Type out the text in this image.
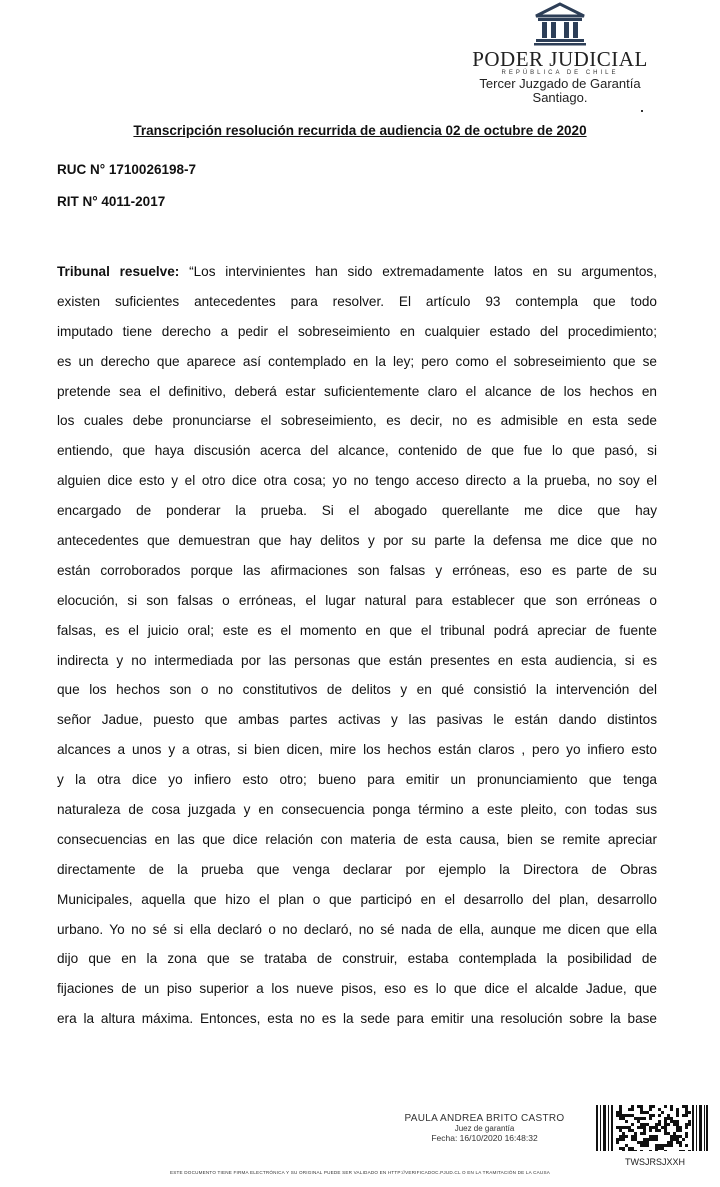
PODER JUDICIAL
REPÚBLICA DE CHILE
Tercer Juzgado de Garantía
Santiago.
Transcripción resolución recurrida de audiencia 02 de octubre de 2020
RUC N° 1710026198-7
RIT N° 4011-2017
Tribunal resuelve: “Los intervinientes han sido extremadamente latos en su argumentos,
existen suficientes antecedentes para resolver. El artículo 93 contempla que todo
imputado tiene derecho a pedir el sobreseimiento en cualquier estado del procedimiento;
es un derecho que aparece así contemplado en la ley; pero como el sobreseimiento que se
pretende sea el definitivo, deberá estar suficientemente claro el alcance de los hechos en
los cuales debe pronunciarse el sobreseimiento, es decir, no es admisible en esta sede
entiendo, que haya discusión acerca del alcance, contenido de que fue lo que pasó, si
alguien dice esto y el otro dice otra cosa; yo no tengo acceso directo a la prueba, no soy el
encargado de ponderar la prueba. Si el abogado querellante me dice que hay
antecedentes que demuestran que hay delitos y por su parte la defensa me dice que no
están corroborados porque las afirmaciones son falsas y erróneas, eso es parte de su
elocución, si son falsas o erróneas, el lugar natural para establecer que son erróneas o
falsas, es el juicio oral; este es el momento en que el tribunal podrá apreciar de fuente
indirecta y no intermediada por las personas que están presentes en esta audiencia, si es
que los hechos son o no constitutivos de delitos y en qué consistió la intervención del
señor Jadue, puesto que ambas partes activas y las pasivas le están dando distintos
alcances a unos y a otras, si bien dicen, mire los hechos están claros , pero yo infiero esto
y la otra dice yo infiero esto otro; bueno para emitir un pronunciamiento que tenga
naturaleza de cosa juzgada y en consecuencia ponga término a este pleito, con todas sus
consecuencias en las que dice relación con materia de esta causa, bien se remite apreciar
directamente de la prueba que venga declarar por ejemplo la Directora de Obras
Municipales, aquella que hizo el plan o que participó en el desarrollo del plan, desarrollo
urbano. Yo no sé si ella declaró o no declaró, no sé nada de ella, aunque me dicen que ella
dijo que en la zona que se trataba de construir, estaba contemplada la posibilidad de
fijaciones de un piso superior a los nueve pisos, eso es lo que dice el alcalde Jadue, que
era la altura máxima. Entonces, esta no es la sede para emitir una resolución sobre la base
PAULA ANDREA BRITO CASTRO
Juez de garantía
Fecha: 16/10/2020 16:48:32
TWSJRSJXXH
ESTE DOCUMENTO TIENE FIRMA ELECTRÓNICA Y SU ORIGINAL PUEDE SER VALIDADO EN HTTP://VERIFICADOC.PJUD.CL O EN LA TRAMITACIÓN DE LA CAUSA
